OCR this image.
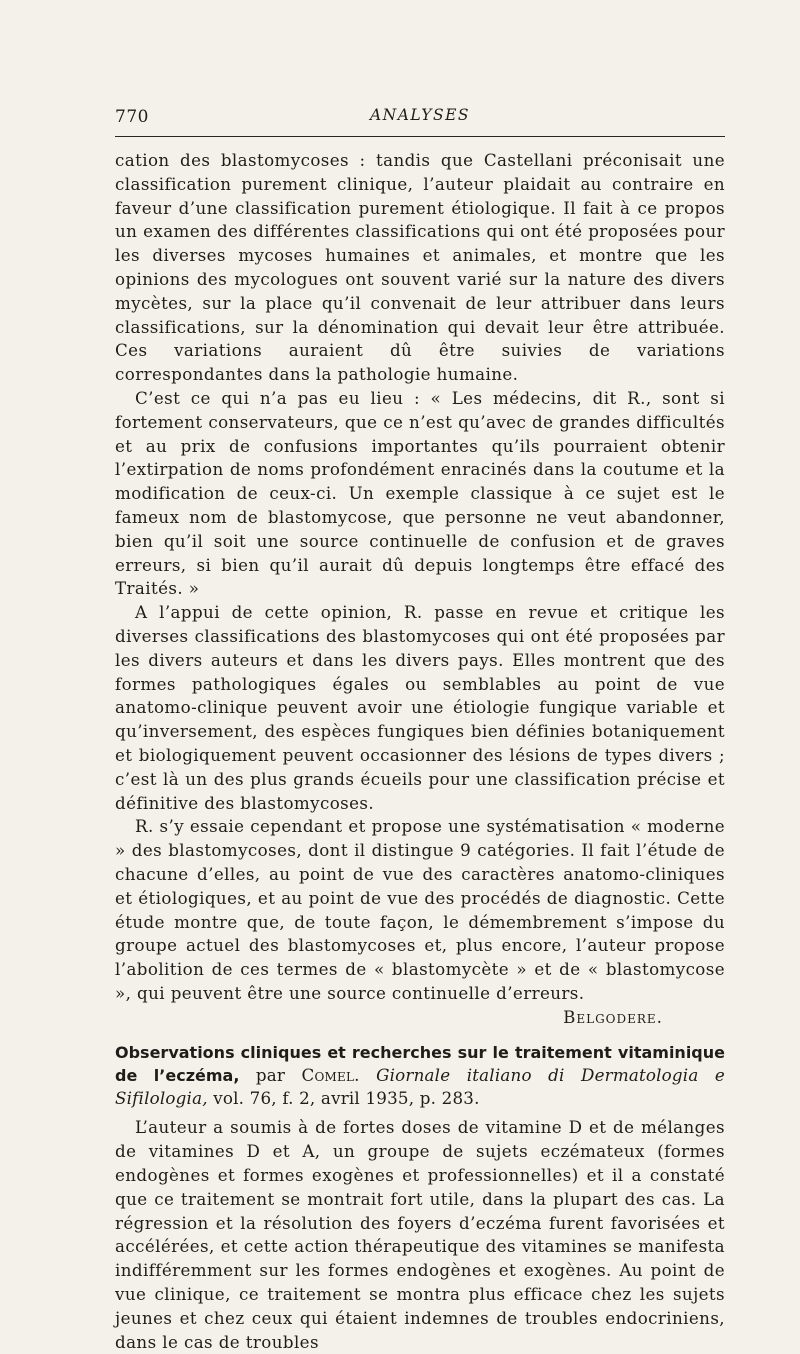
770	ANALYSES

cation des blastomycoses : tandis que Castellani préconisait une classification purement clinique, l’auteur plaidait au contraire en faveur d’une classification purement étiologique. Il fait à ce propos un examen des différentes classifications qui ont été proposées pour les diverses mycoses humaines et animales, et montre que les opinions des mycologues ont souvent varié sur la nature des divers mycètes, sur la place qu’il convenait de leur attribuer dans leurs classifications, sur la dénomination qui devait leur être attribuée. Ces variations auraient dû être suivies de variations correspondantes dans la pathologie humaine.

C’est ce qui n’a pas eu lieu : « Les médecins, dit R., sont si fortement conservateurs, que ce n’est qu’avec de grandes difficultés et au prix de confusions importantes qu’ils pourraient obtenir l’extirpation de noms profondément enracinés dans la coutume et la modification de ceux-ci. Un exemple classique à ce sujet est le fameux nom de blastomycose, que personne ne veut abandonner, bien qu’il soit une source continuelle de confusion et de graves erreurs, si bien qu’il aurait dû depuis longtemps être effacé des Traités. »

A l’appui de cette opinion, R. passe en revue et critique les diverses classifications des blastomycoses qui ont été proposées par les divers auteurs et dans les divers pays. Elles montrent que des formes pathologiques égales ou semblables au point de vue anatomo-clinique peuvent avoir une étiologie fungique variable et qu’inversement, des espèces fungiques bien définies botaniquement et biologiquement peuvent occasionner des lésions de types divers ; c’est là un des plus grands écueils pour une classification précise et définitive des blastomycoses.

R. s’y essaie cependant et propose une systématisation « moderne » des blastomycoses, dont il distingue 9 catégories. Il fait l’étude de chacune d’elles, au point de vue des caractères anatomo-cliniques et étiologiques, et au point de vue des procédés de diagnostic. Cette étude montre que, de toute façon, le démembrement s’impose du groupe actuel des blastomycoses et, plus encore, l’auteur propose l’abolition de ces termes de « blastomycète » et de « blastomycose », qui peuvent être une source continuelle d’erreurs.
Belgodere.

Observations cliniques et recherches sur le traitement vitaminique de l’eczéma, par Comel. Giornale italiano di Dermatologia e Sifilologia, vol. 76, f. 2, avril 1935, p. 283.

L’auteur a soumis à de fortes doses de vitamine D et de mélanges de vitamines D et A, un groupe de sujets eczémateux (formes endogènes et formes exogènes et professionnelles) et il a constaté que ce traitement se montrait fort utile, dans la plupart des cas. La régression et la résolution des foyers d’eczéma furent favorisées et accélérées, et cette action thérapeutique des vitamines se manifesta indifféremment sur les formes endogènes et exogènes. Au point de vue clinique, ce traitement se montra plus efficace chez les sujets jeunes et chez ceux qui étaient indemnes de troubles endocriniens, dans le cas de troubles
